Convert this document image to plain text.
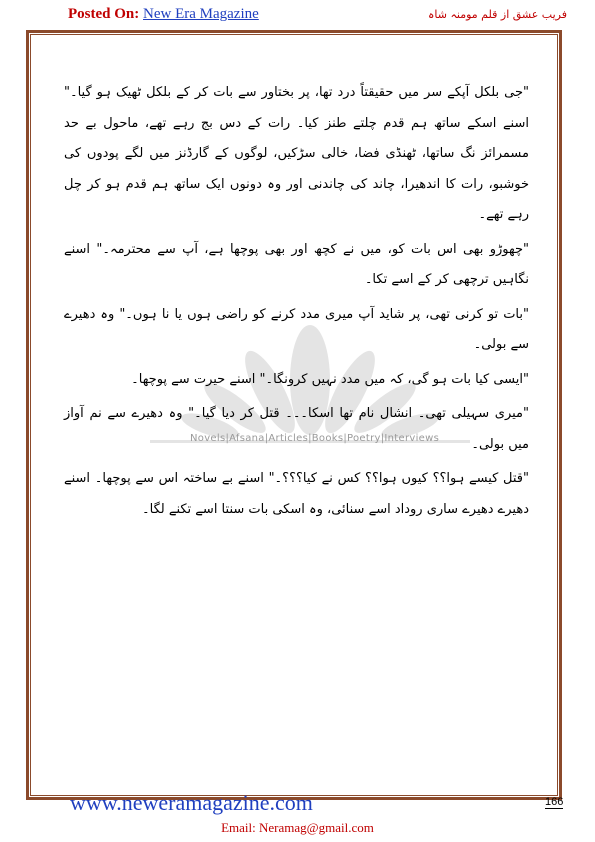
Posted On: New Era Magazine	فریب عشق از قلم مومنہ شاہ
Novels|Afsana|Articles|Books|Poetry|Interviews

"جی بلکل آپکے سر میں حقیقتاً درد تھا، پر بختاور سے بات کر کے بلکل ٹھیک ہو گیا۔" اسنے اسکے ساتھ ہم قدم چلتے طنز کیا۔ رات کے دس بج رہے تھے، ماحول بے حد مسمرائز نگ ساتھا، ٹھنڈی فضا، خالی سڑکیں، لوگوں کے گارڈنز میں لگے پودوں کی خوشبو، رات کا اندھیرا، چاند کی چاندنی اور وہ دونوں ایک ساتھ ہم قدم ہو کر چل رہے تھے۔

"چھوڑو بھی اس بات کو، میں نے کچھ اور بھی پوچھا ہے، آپ سے محترمہ۔" اسنے نگاہیں ترچھی کر کے اسے تکا۔

"بات تو کرنی تھی، پر شاید آپ میری مدد کرنے کو راضی ہوں یا نا ہوں۔" وہ دھیرے سے بولی۔

"ایسی کیا بات ہو گی، کہ میں مدد نہیں کرونگا۔" اسنے حیرت سے پوچھا۔

"میری سہیلی تھی۔ انشال نام تھا اسکا۔۔۔ قتل کر دیا گیا۔" وہ دھیرے سے نم آواز میں بولی۔

"قتل کیسے ہوا؟؟ کیوں ہوا؟؟ کس نے کیا؟؟؟۔" اسنے بے ساختہ اس سے پوچھا۔ اسنے دھیرے دھیرے ساری روداد اسے سنائی، وہ اسکی بات سنتا اسے تکنے لگا۔

www.neweramagazine.com	166
Email: Neramag@gmail.com
